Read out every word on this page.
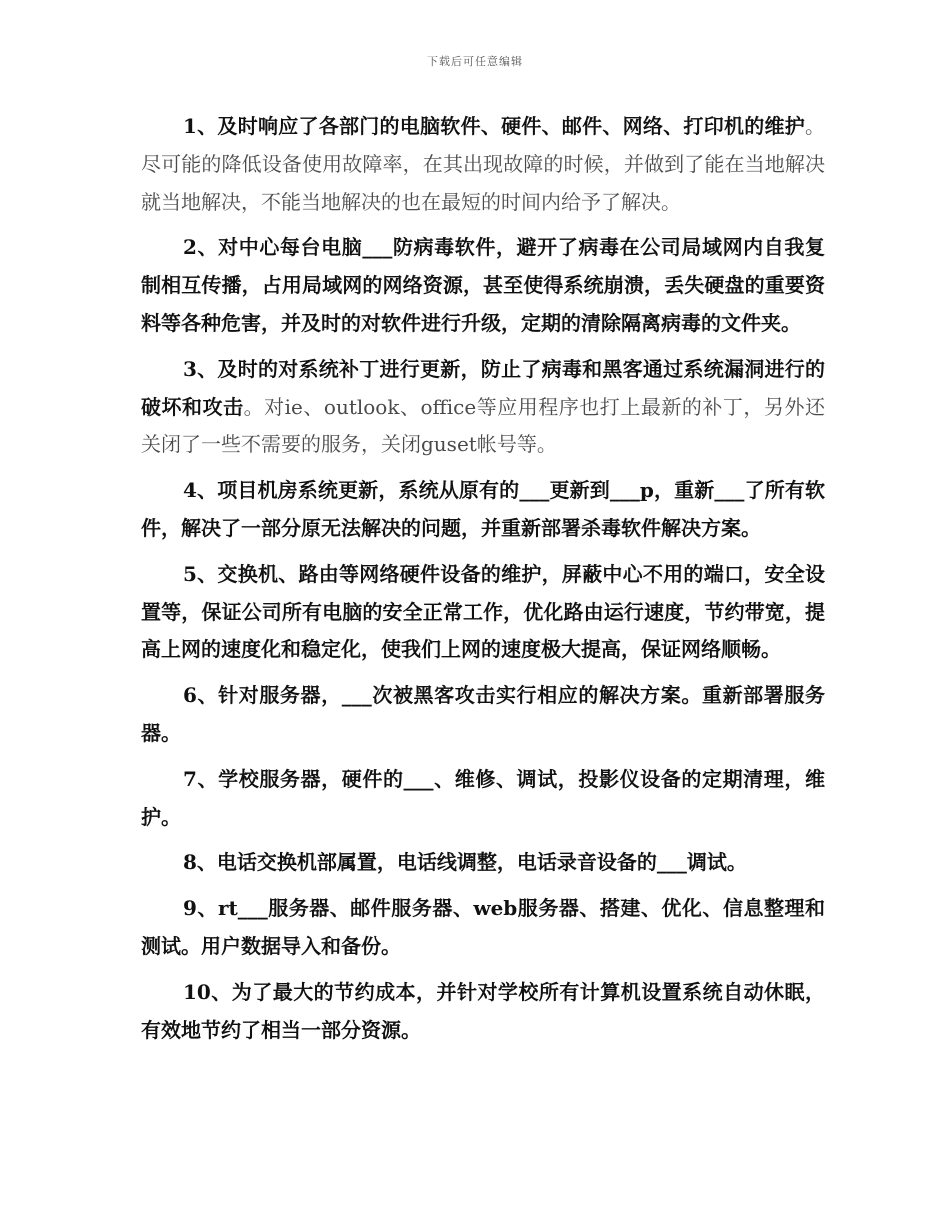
下载后可任意编辑

1、及时响应了各部门的电脑软件、硬件、邮件、网络、打印机的维护。尽可能的降低设备使用故障率，在其出现故障的时候，并做到了能在当地解决就当地解决，不能当地解决的也在最短的时间内给予了解决。

2、对中心每台电脑___防病毒软件，避开了病毒在公司局域网内自我复制相互传播，占用局域网的网络资源，甚至使得系统崩溃，丢失硬盘的重要资料等各种危害，并及时的对软件进行升级，定期的清除隔离病毒的文件夹。

3、及时的对系统补丁进行更新，防止了病毒和黑客通过系统漏洞进行的破坏和攻击。对ie、outlook、office等应用程序也打上最新的补丁，另外还关闭了一些不需要的服务，关闭guset帐号等。

4、项目机房系统更新，系统从原有的___更新到___p，重新___了所有软件，解决了一部分原无法解决的问题，并重新部署杀毒软件解决方案。

5、交换机、路由等网络硬件设备的维护，屏蔽中心不用的端口，安全设置等，保证公司所有电脑的安全正常工作，优化路由运行速度，节约带宽，提高上网的速度化和稳定化，使我们上网的速度极大提高，保证网络顺畅。

6、针对服务器，___次被黑客攻击实行相应的解决方案。重新部署服务器。

7、学校服务器，硬件的___、维修、调试，投影仪设备的定期清理，维护。

8、电话交换机部属置，电话线调整，电话录音设备的___调试。

9、rt___服务器、邮件服务器、web服务器、搭建、优化、信息整理和测试。用户数据导入和备份。

10、为了最大的节约成本，并针对学校所有计算机设置系统自动休眠，有效地节约了相当一部分资源。
